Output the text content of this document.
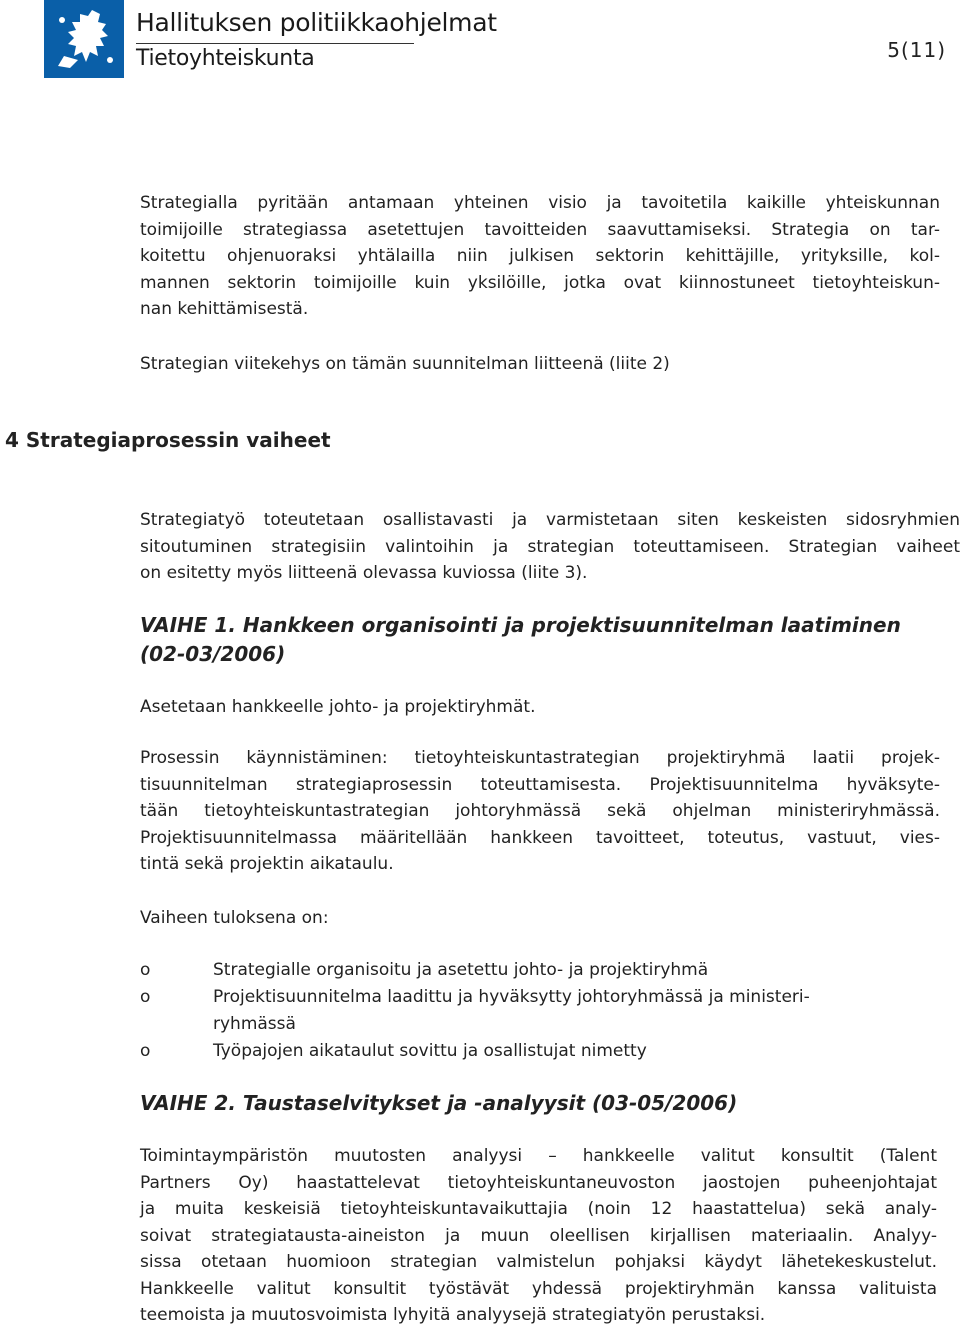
Hallituksen politiikkaohjelmat
Tietoyhteiskunta	5(11)
Strategialla pyritään antamaan yhteinen visio ja tavoitetila kaikille yhteiskunnan
toimijoille strategiassa asetettujen tavoitteiden saavuttamiseksi. Strategia on tar-
koitettu ohjenuoraksi yhtälailla niin julkisen sektorin kehittäjille, yrityksille, kol-
mannen sektorin toimijoille kuin yksilöille, jotka ovat kiinnostuneet tietoyhteiskun-
nan kehittämisestä.
Strategian viitekehys on tämän suunnitelman liitteenä (liite 2)
4 Strategiaprosessin vaiheet
Strategiatyö toteutetaan osallistavasti ja varmistetaan siten keskeisten sidosryhmien
sitoutuminen strategisiin valintoihin ja strategian toteuttamiseen. Strategian vaiheet
on esitetty myös liitteenä olevassa kuviossa (liite 3).
VAIHE 1. Hankkeen organisointi ja projektisuunnitelman laatiminen
(02-03/2006)
Asetetaan hankkeelle johto- ja projektiryhmät.
Prosessin käynnistäminen: tietoyhteiskuntastrategian projektiryhmä laatii projek-
tisuunnitelman strategiaprosessin toteuttamisesta. Projektisuunnitelma hyväksyte-
tään tietoyhteiskuntastrategian johtoryhmässä sekä ohjelman ministeriryhmässä.
Projektisuunnitelmassa määritellään hankkeen tavoitteet, toteutus, vastuut, vies-
tintä sekä projektin aikataulu.
Vaiheen tuloksena on:
o	Strategialle organisoitu ja asetettu johto- ja projektiryhmä
o	Projektisuunnitelma laadittu ja hyväksytty johtoryhmässä ja ministeri-
ryhmässä
o	Työpajojen aikataulut sovittu ja osallistujat nimetty
VAIHE 2. Taustaselvitykset ja -analyysit (03-05/2006)
Toimintaympäristön muutosten analyysi – hankkeelle valitut konsultit (Talent
Partners Oy) haastattelevat tietoyhteiskuntaneuvoston jaostojen puheenjohtajat
ja muita keskeisiä tietoyhteiskuntavaikuttajia (noin 12 haastattelua) sekä analy-
soivat strategiatausta-aineiston ja muun oleellisen kirjallisen materiaalin. Analyy-
sissa otetaan huomioon strategian valmistelun pohjaksi käydyt lähetekeskustelut.
Hankkeelle valitut konsultit työstävät yhdessä projektiryhmän kanssa valituista
teemoista ja muutosvoimista lyhyitä analyysejä strategiatyön perustaksi.
